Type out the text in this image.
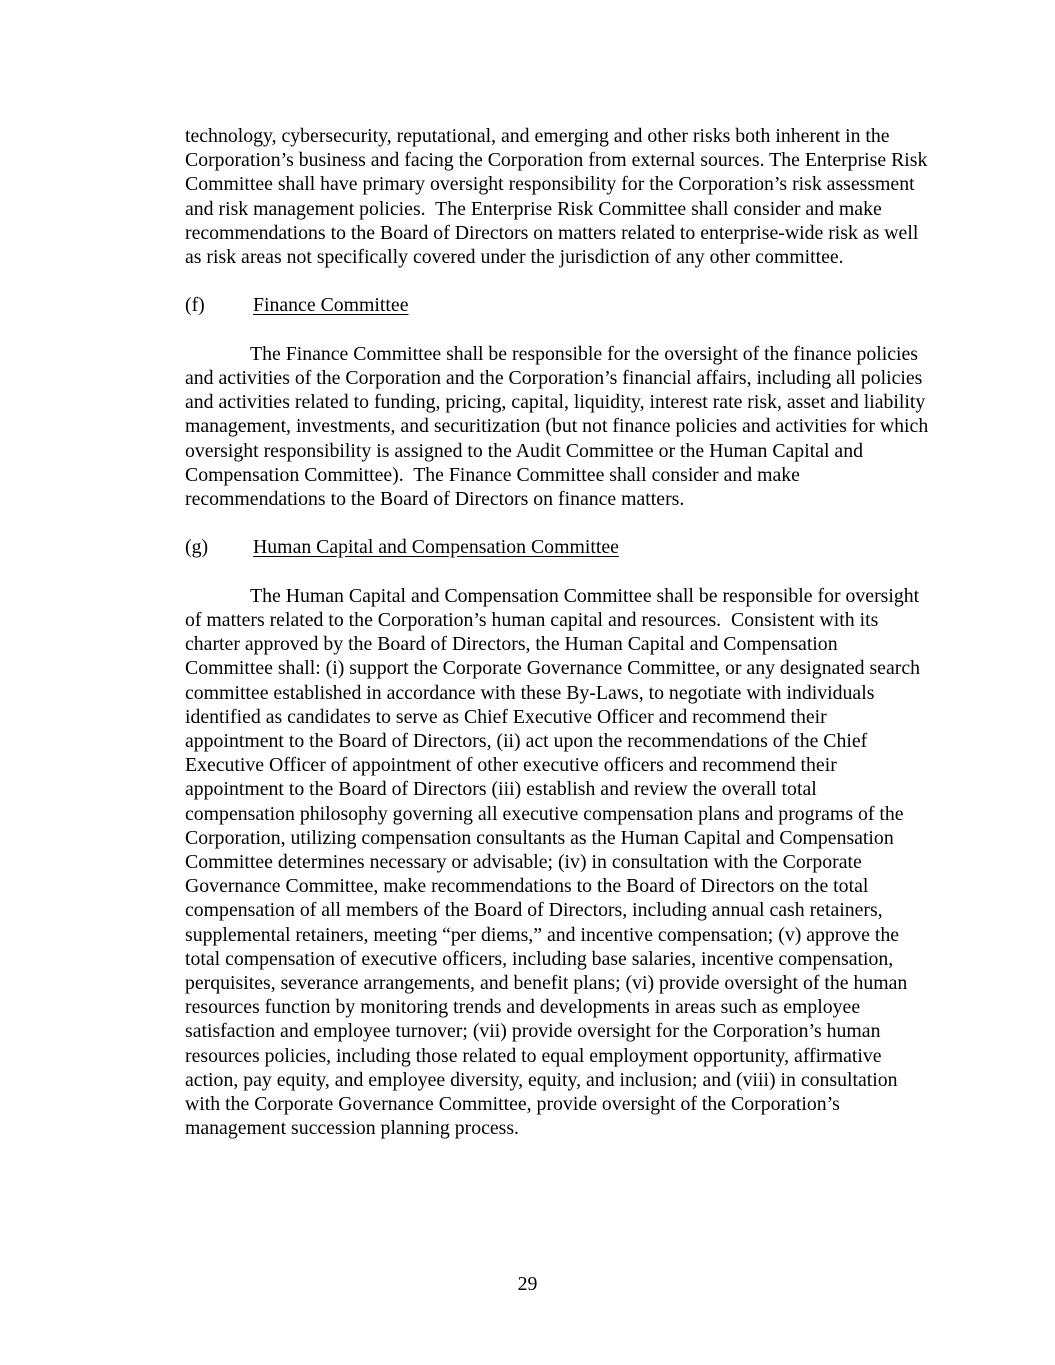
technology, cybersecurity, reputational, and emerging and other risks both inherent in the Corporation’s business and facing the Corporation from external sources. The Enterprise Risk Committee shall have primary oversight responsibility for the Corporation’s risk assessment and risk management policies.  The Enterprise Risk Committee shall consider and make recommendations to the Board of Directors on matters related to enterprise-wide risk as well as risk areas not specifically covered under the jurisdiction of any other committee.

(f) Finance Committee

The Finance Committee shall be responsible for the oversight of the finance policies and activities of the Corporation and the Corporation’s financial affairs, including all policies and activities related to funding, pricing, capital, liquidity, interest rate risk, asset and liability management, investments, and securitization (but not finance policies and activities for which oversight responsibility is assigned to the Audit Committee or the Human Capital and Compensation Committee).  The Finance Committee shall consider and make recommendations to the Board of Directors on finance matters.

(g) Human Capital and Compensation Committee

The Human Capital and Compensation Committee shall be responsible for oversight of matters related to the Corporation’s human capital and resources.  Consistent with its charter approved by the Board of Directors, the Human Capital and Compensation Committee shall: (i) support the Corporate Governance Committee, or any designated search committee established in accordance with these By-Laws, to negotiate with individuals identified as candidates to serve as Chief Executive Officer and recommend their appointment to the Board of Directors, (ii) act upon the recommendations of the Chief Executive Officer of appointment of other executive officers and recommend their appointment to the Board of Directors (iii) establish and review the overall total compensation philosophy governing all executive compensation plans and programs of the Corporation, utilizing compensation consultants as the Human Capital and Compensation Committee determines necessary or advisable; (iv) in consultation with the Corporate Governance Committee, make recommendations to the Board of Directors on the total compensation of all members of the Board of Directors, including annual cash retainers, supplemental retainers, meeting “per diems,” and incentive compensation; (v) approve the total compensation of executive officers, including base salaries, incentive compensation, perquisites, severance arrangements, and benefit plans; (vi) provide oversight of the human resources function by monitoring trends and developments in areas such as employee satisfaction and employee turnover; (vii) provide oversight for the Corporation’s human resources policies, including those related to equal employment opportunity, affirmative action, pay equity, and employee diversity, equity, and inclusion; and (viii) in consultation with the Corporate Governance Committee, provide oversight of the Corporation’s management succession planning process.

29
